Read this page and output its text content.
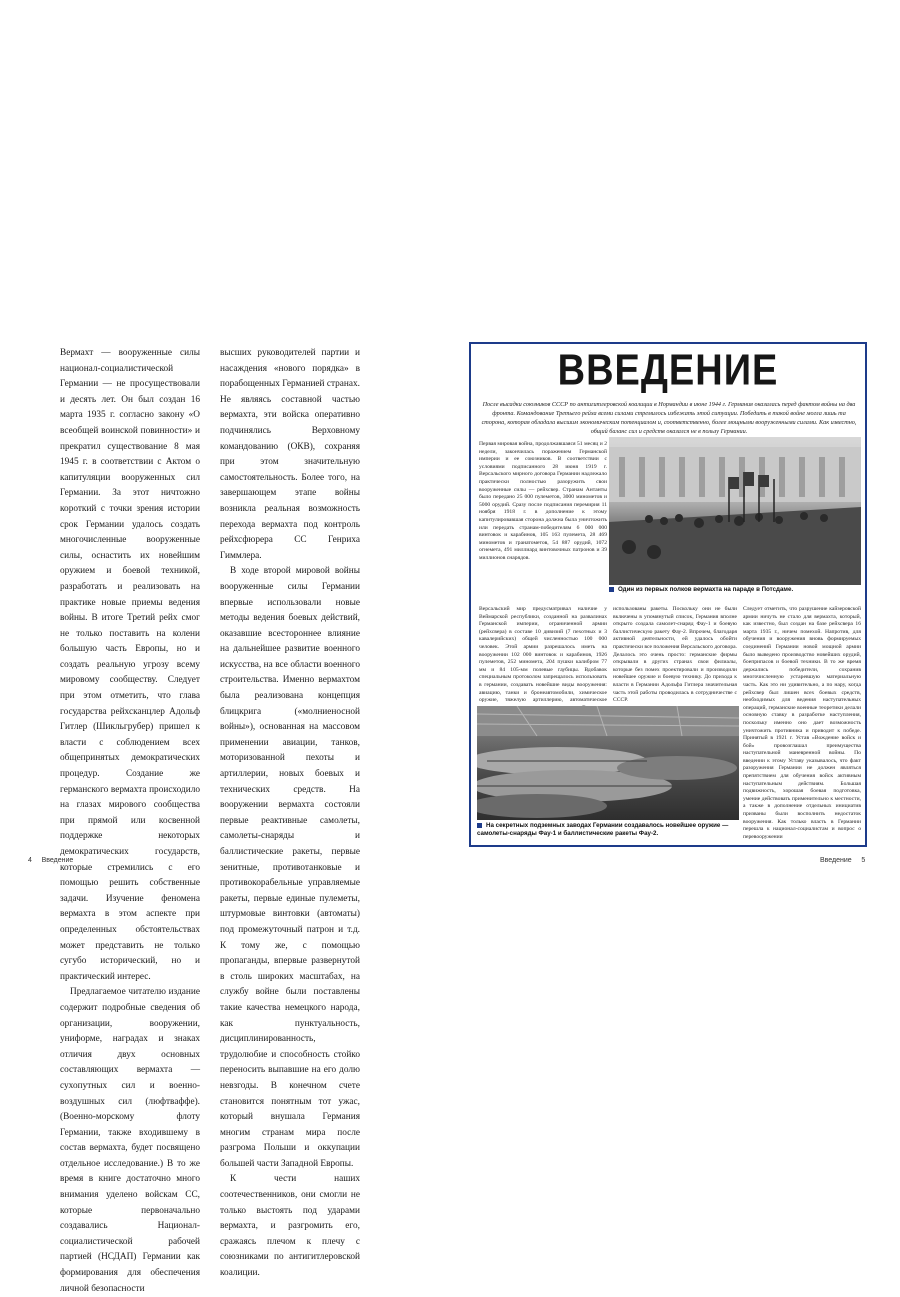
Вермахт — вооруженные силы национал-социалистической Германии — не просуществовали и десять лет. Он был создан 16 марта 1935 г. согласно закону «О всеобщей воинской повинности» и прекратил существование 8 мая 1945 г. в соответствии с Актом о капитуляции вооруженных сил Германии. За этот ничтожно короткий с точки зрения истории срок Германии удалось создать многочисленные вооруженные силы, оснастить их новейшим оружием и боевой техникой, разработать и реализовать на практике новые приемы ведения войны. В итоге Третий рейх смог не только поставить на колени большую часть Европы, но и создать реальную угрозу всему мировому сообществу. Следует при этом отметить, что глава государства рейхсканцлер Адольф Гитлер (Шикльгрубер) пришел к власти с соблюдением всех общепринятых демократических процедур. Создание же германского вермахта происходило на глазах мирового сообщества при прямой или косвенной поддержке некоторых демократических государств, которые стремились с его помощью решить собственные задачи. Изучение феномена вермахта в этом аспекте при определенных обстоятельствах может представить не только сугубо исторический, но и практический интерес.

Предлагаемое читателю издание содержит подробные сведения об организации, вооружении, униформе, наградах и знаках отличия двух основных составляющих вермахта — сухопутных сил и военно-воздушных сил (люфтваффе). (Военно-морскому флоту Германии, также входившему в состав вермахта, будет посвящено отдельное исследование.) В то же время в книге достаточно много внимания уделено войскам СС, которые первоначально создавались Национал-социалистической рабочей партией (НСДАП) Германии как формирования для обеспечения личной безопасности

высших руководителей партии и насаждения «нового порядка» в порабощенных Германией странах. Не являясь составной частью вермахта, эти войска оперативно подчинялись Верховному командованию (ОКВ), сохраняя при этом значительную самостоятельность. Более того, на завершающем этапе войны возникла реальная возможность перехода вермахта под контроль рейхсфюрера СС Генриха Гиммлера.

В ходе второй мировой войны вооруженные силы Германии впервые использовали новые методы ведения боевых действий, оказавшие всестороннее влияние на дальнейшее развитие военного искусства, на все области военного строительства. Именно вермахтом была реализована концепция блицкрига («молниеносной войны»), основанная на массовом применении авиации, танков, моторизованной пехоты и артиллерии, новых боевых и технических средств. На вооружении вермахта состояли первые реактивные самолеты, самолеты-снаряды и баллистические ракеты, первые зенитные, противотанковые и противокорабельные управляемые ракеты, первые единые пулеметы, штурмовые винтовки (автоматы) под промежуточный патрон и т.д. К тому же, с помощью пропаганды, впервые развернутой в столь широких масштабах, на службу войне были поставлены такие качества немецкого народа, как пунктуальность, дисциплинированность, трудолюбие и способность стойко переносить выпавшие на его долю невзгоды. В конечном счете становится понятным тот ужас, который внушала Германия многим странам мира после разгрома Польши и оккупации большей части Западной Европы.

К чести наших соотечественников, они смогли не только выстоять под ударами вермахта, и разгромить его, сражаясь плечом к плечу с союзниками по антигитлеровской коалиции.

4     Введение
ВВЕДЕНИЕ
После высадки союзников СССР по антигитлеровской коалиции в Нормандии в июне 1944 г. Германия оказалась перед фактом войны на два фронта. Командование Третьего рейха всеми силами стремилось избежать этой ситуации. Победить в такой войне могла лишь та сторона, которая обладала высшим экономическим потенциалом и, соответственно, более мощными вооруженными силами. Как известно, общий баланс сил и средств оказался не в пользу Германии.
Первая мировая война, продолжавшаяся 51 месяц и 2 недели, закончилась поражением Германской империи и ее союзников. В соответствии с условиями подписанного 28 июня 1919 г. Версальского мирного договора Германии надлежало практически полностью разоружить свои вооруженные силы — рейхсвер. Странам Антанты было передано 25 000 пулеметов, 3000 минометов и 5000 орудий. Сразу после подписания перемирия 11 ноября 1918 г. в дополнение к этому капитулировавшая сторона должна была уничтожить или передать странам-победителям 6 000 000 винтовок и карабинов, 105 163 пулемета, 28 469 минометов и гранатометов, 54 887 орудий, 1072 огнемета, 491 миллиард винтовочных патронов и 39 миллионов снарядов.
Один из первых полков вермахта на параде в Потсдаме.
Версальский мир предусматривал наличие у Веймарской республики, созданной на развалинах Германской империи, ограниченной армии (рейхсвера) в составе 10 дивизий (7 пехотных и 3 кавалерийских) общей численностью 100 000 человек. Этой армии разрешалось иметь на вооружении 102 000 винтовок и карабинов, 1926 пулеметов, 252 миномета, 204 пушки калибром 77 мм и 84 105-мм полевые гаубицы. Вдобавок специальным протоколом запрещалось использовать в германии, создавать новейшие виды вооружения: авиацию, танки и бронеавтомобили, химическое оружие, тяжелую артиллерию, автоматическое
использованы ракеты. Поскольку они не были включены в упомянутый список, Германия вполне открыто создала самолет-снаряд Фау-1 и боевую баллистическую ракету Фау-2. Впрочем, благодаря активной деятельности, ей удалось обойти практически все положения Версальского договора. Делалось это очень просто: германские фирмы открывали в других странах свои филиалы, которые без помех проектировали и производили новейшее оружие и боевую технику. До прихода к власти в Германии Адольфа Гитлера значительная часть этой работы проводилась в сотрудничестве с СССР.
Следует отметить, что разрушение кайзеровской армии ничуть не стало для вермахта, который, как известно, был создан на базе рейхсвера 16 марта 1935 г., ничем помехой. Напротив, для обучения и вооружения вновь формируемых соединений Германии новой мощной армии было выведено производство новейших орудий, боеприпасов и боевой техники. В то же время держались победители, сохранив многочисленную устаревшую материальную часть. Как это ни удивительно, а по нару, когда рейхсвер был лишен всех боевых средств, необходимых для ведения наступательных операций, германские военные теоретики делали основную ставку в разработке наступления, поскольку именно оно дает возможность уничтожить противника и приводит к победе. Принятый в 1921 г. Устав «Вождение войск и бой» провозглашал преимущества наступательной маневренной войны. По введении к этому Уставу указывалось, что факт разоружения Германии не должен являться препятствием для обучения войск активным наступательным действиям. Большая подвижность, хорошая боевая подготовка, умение действовать применительно к местности, а также в дополнение отдельных инициатив призваны были восполнить недостаток вооружения. Как только власть в Германии перешла к национал-социалистам и вопрос о перевооружении
На секретных подземных заводах Германии создавалось новейшее оружие — самолеты-снаряды Фау-1 и баллистические ракеты Фау-2.
Введение     5
